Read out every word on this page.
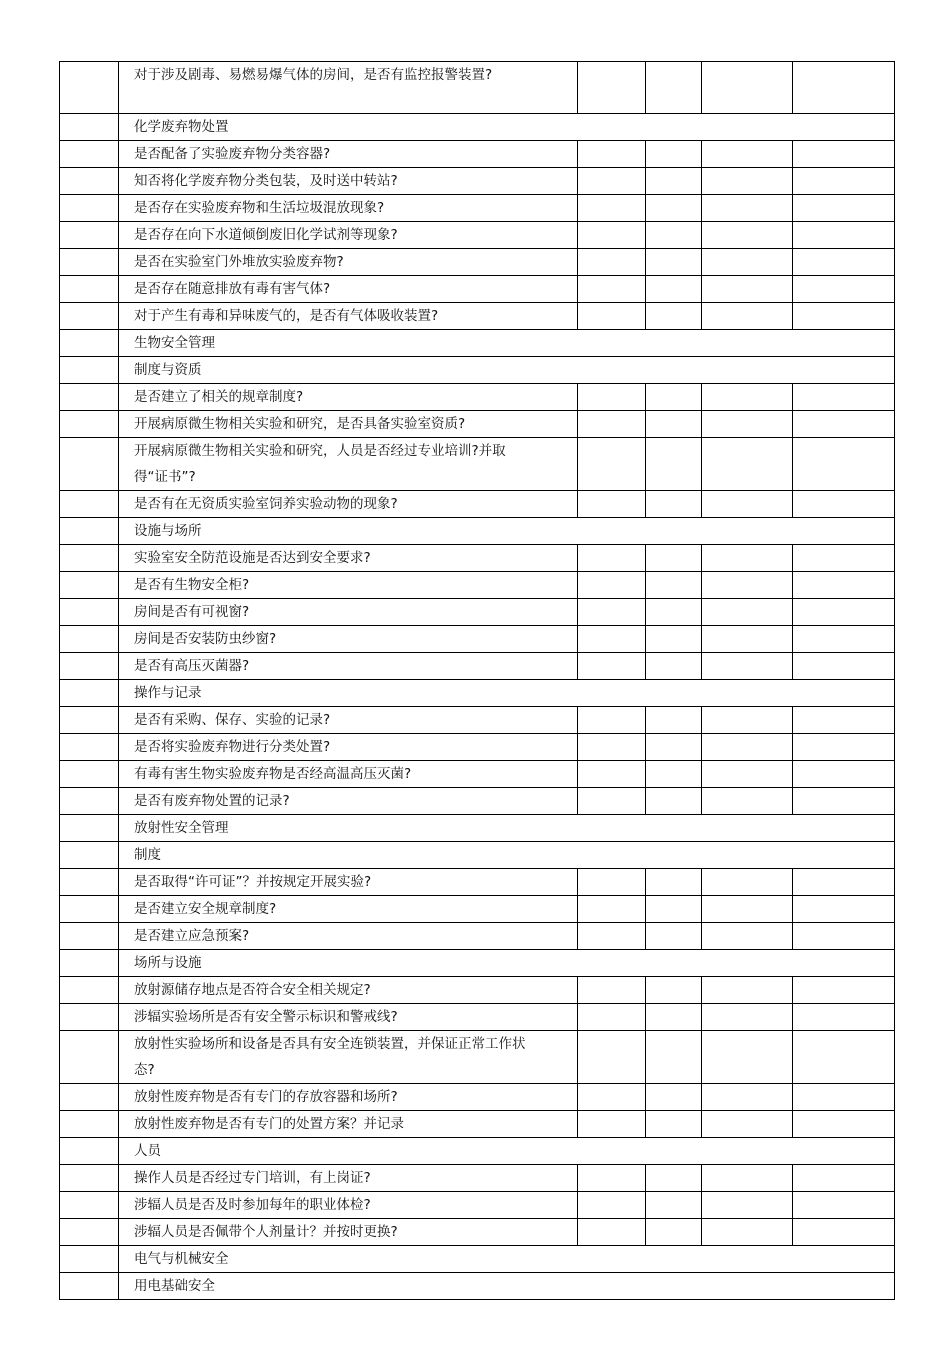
	对于涉及剧毒、易燃易爆气体的房间，是否有监控报警装置?				
	化学废弃物处置				
	是否配备了实验废弃物分类容器?				
	知否将化学废弃物分类包装，及时送中转站?				
	是否存在实验废弃物和生活垃圾混放现象?				
	是否存在向下水道倾倒废旧化学试剂等现象?				
	是否在实验室门外堆放实验废弃物?				
	是否存在随意排放有毒有害气体?				
	对于产生有毒和异味废气的，是否有气体吸收装置?				
	生物安全管理				
	制度与资质				
	是否建立了相关的规章制度?				
	开展病原微生物相关实验和研究，是否具备实验室资质?				
	开展病原微生物相关实验和研究，人员是否经过专业培训?并取得“证书”?				
	是否有在无资质实验室饲养实验动物的现象?				
	设施与场所				
	实验室安全防范设施是否达到安全要求?				
	是否有生物安全柜?				
	房间是否有可视窗?				
	房间是否安装防虫纱窗?				
	是否有高压灭菌器?				
	操作与记录				
	是否有采购、保存、实验的记录?				
	是否将实验废弃物进行分类处置?				
	有毒有害生物实验废弃物是否经高温高压灭菌?				
	是否有废弃物处置的记录?				
	放射性安全管理				
	制度				
	是否取得“许可证”？并按规定开展实验?				
	是否建立安全规章制度?				
	是否建立应急预案?				
	场所与设施				
	放射源储存地点是否符合安全相关规定?				
	涉辐实验场所是否有安全警示标识和警戒线?				
	放射性实验场所和设备是否具有安全连锁装置，并保证正常工作状态?				
	放射性废弃物是否有专门的存放容器和场所?				
	放射性废弃物是否有专门的处置方案？并记录				
	人员				
	操作人员是否经过专门培训，有上岗证?				
	涉辐人员是否及时参加每年的职业体检?				
	涉辐人员是否佩带个人剂量计？并按时更换?				
	电气与机械安全				
	用电基础安全				
